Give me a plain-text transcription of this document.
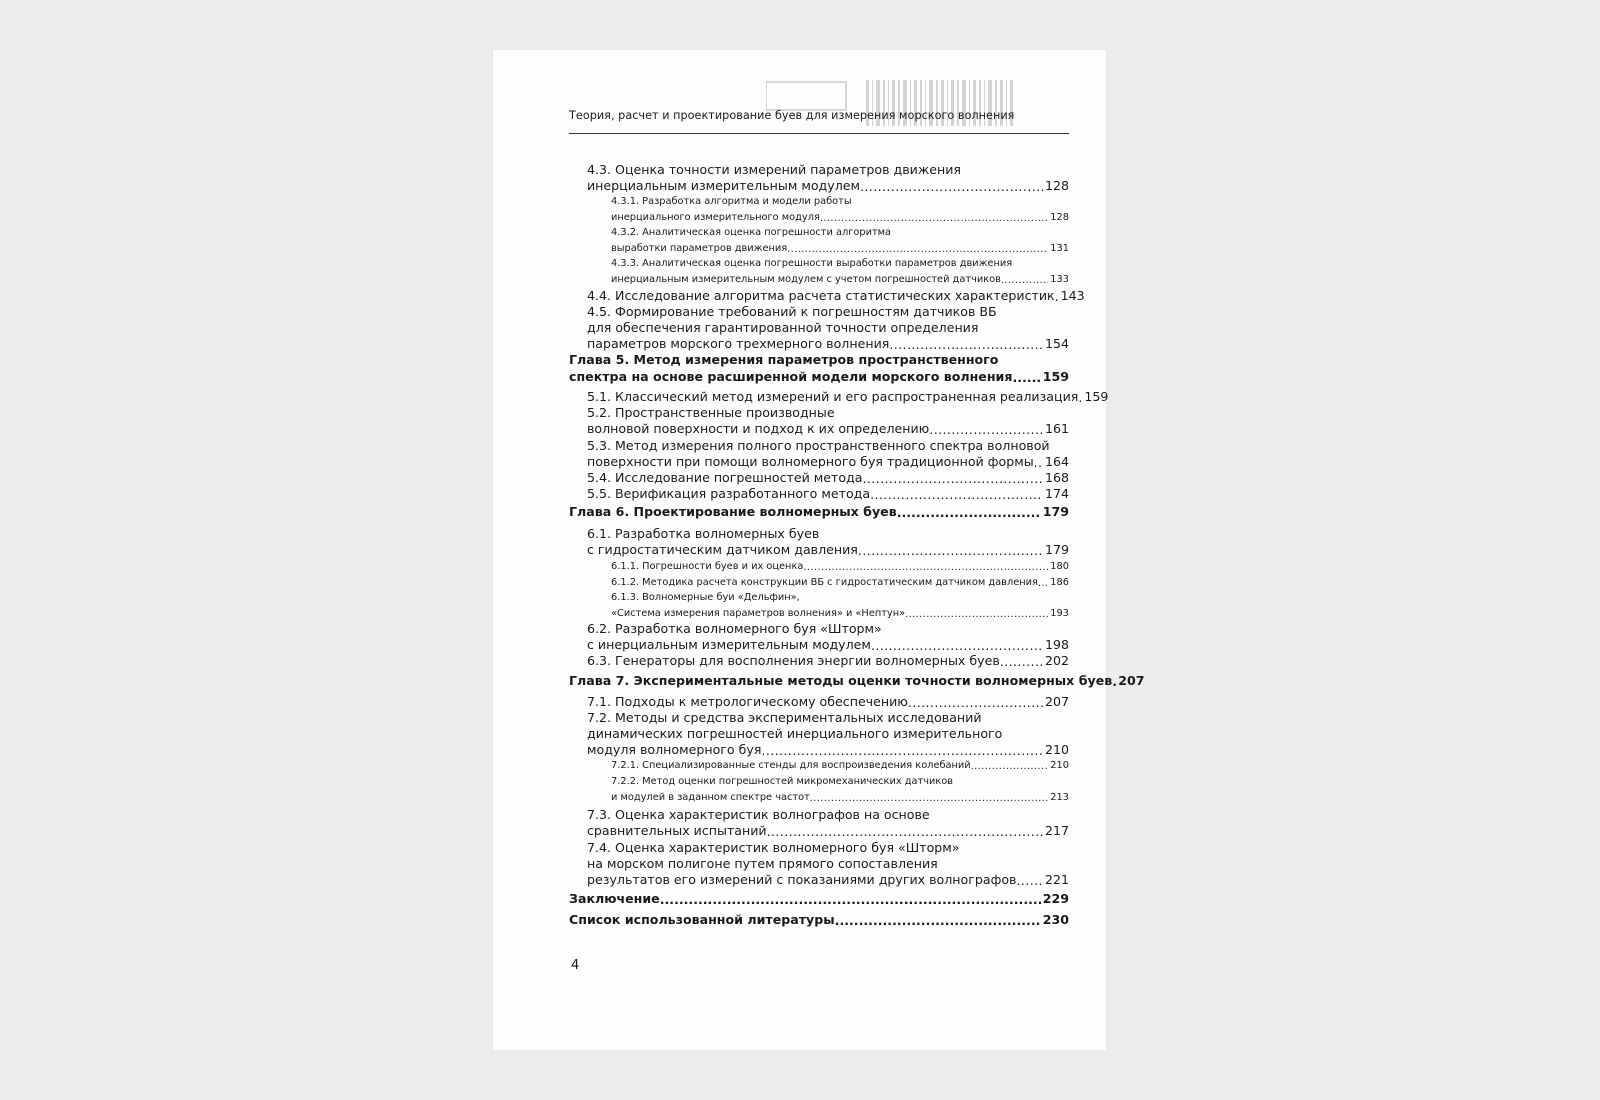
Теория, расчет и проектирование буев для измерения морского волнения
4.3. Оценка точности измерений параметров движения
инерциальным измерительным модулем .....	128
4.3.1. Разработка алгоритма и модели работы
инерциального измерительного модуля .....	128
4.3.2. Аналитическая оценка погрешности алгоритма
выработки параметров движения .....	131
4.3.3. Аналитическая оценка погрешности выработки параметров движения
инерциальным измерительным модулем с учетом погрешностей датчиков .....	133
4.4. Исследование алгоритма расчета статистических характеристик ..... 143
4.5. Формирование требований к погрешностям датчиков ВБ
для обеспечения гарантированной точности определения
параметров морского трехмерного волнения .....	154
Глава 5. Метод измерения параметров пространственного
спектра на основе расширенной модели морского волнения ..... 159
5.1. Классический метод измерений и его распространенная реализация ..... 159
5.2. Пространственные производные
волновой поверхности и подход к их определению .....	161
5.3. Метод измерения полного пространственного спектра волновой
поверхности при помощи волномерного буя традиционной формы ..... 164
5.4. Исследование погрешностей метода .....	168
5.5. Верификация разработанного метода .....	174
Глава 6. Проектирование волномерных буев .....	179
6.1. Разработка волномерных буев
с гидростатическим датчиком давления .....	179
6.1.1. Погрешности буев и их оценка .....	180
6.1.2. Методика расчета конструкции ВБ с гидростатическим датчиком давления ..... 186
6.1.3. Волномерные буи «Дельфин»,
«Система измерения параметров волнения» и «Нептун» .....	193
6.2. Разработка волномерного буя «Шторм»
с инерциальным измерительным модулем .....	198
6.3. Генераторы для восполнения энергии волномерных буев .....	202
Глава 7. Экспериментальные методы оценки точности волномерных буев ..... 207
7.1. Подходы к метрологическому обеспечению .....	207
7.2. Методы и средства экспериментальных исследований
динамических погрешностей инерциального измерительного
модуля волномерного буя .....	210
7.2.1. Специализированные стенды для воспроизведения колебаний .....	210
7.2.2. Метод оценки погрешностей микромеханических датчиков
и модулей в заданном спектре частот .....	213
7.3. Оценка характеристик волнографов на основе
сравнительных испытаний .....	217
7.4. Оценка характеристик волномерного буя «Шторм»
на морском полигоне путем прямого сопоставления
результатов его измерений с показаниями других волнографов ..... 221
Заключение .....	229
Список использованной литературы .....	230
4
